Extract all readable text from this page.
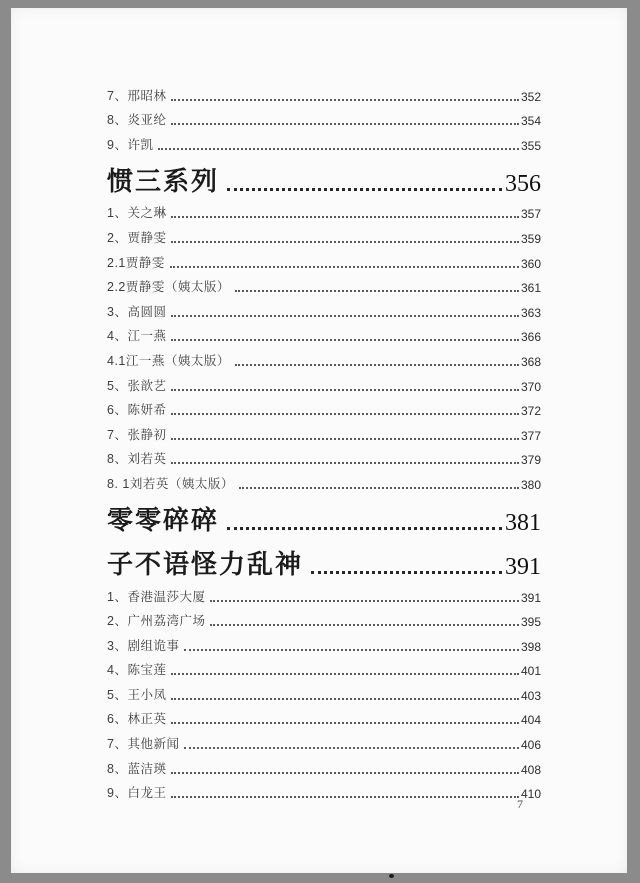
7、邢昭林	352
8、炎亚纶	354
9、许凯	355
惯三系列	356
1、关之琳	357
2、贾静雯	359
2.1贾静雯	360
2.2贾静雯（姨太版）	361
3、高圆圆	363
4、江一燕	366
4.1江一燕（姨太版）	368
5、张歆艺	370
6、陈妍希	372
7、张静初	377
8、刘若英	379
8. 1刘若英（姨太版）	380
零零碎碎	381
子不语怪力乱神	391
1、香港温莎大厦	391
2、广州荔湾广场	395
3、剧组诡事	398
4、陈宝莲	401
5、王小凤	403
6、林正英	404
7、其他新闻	406
8、蓝洁瑛	408
9、白龙王	410
7
